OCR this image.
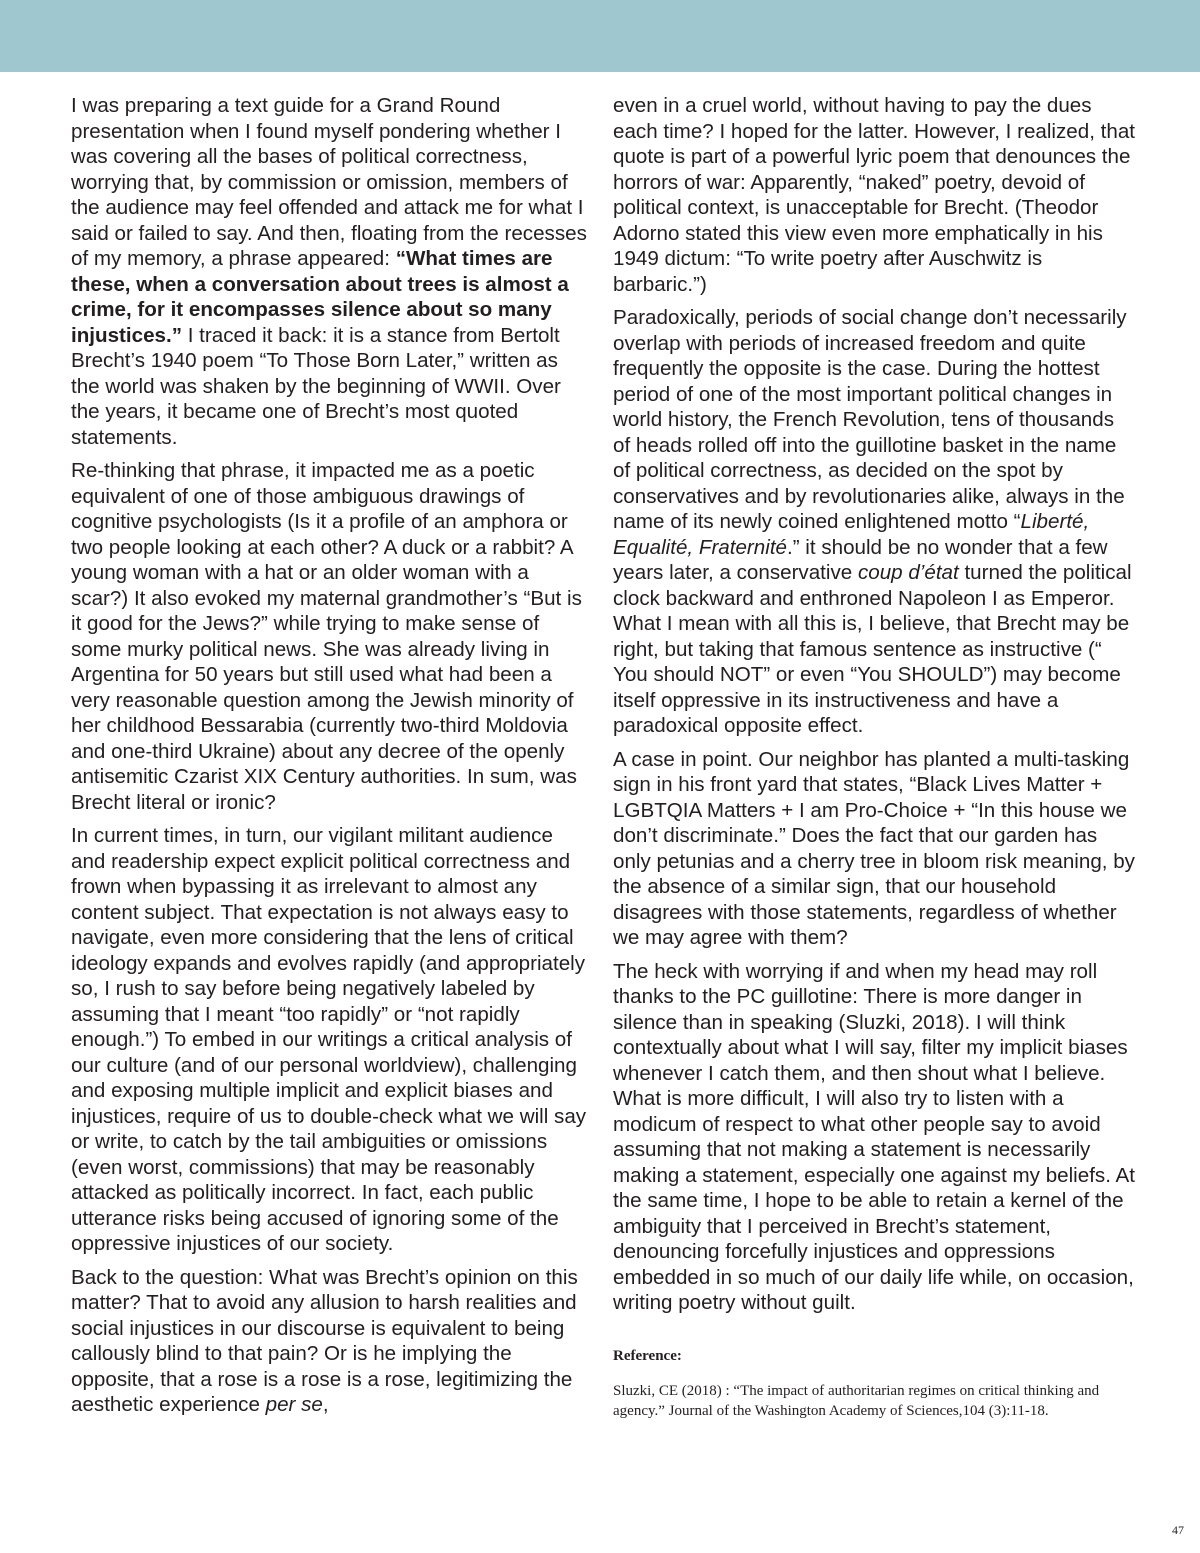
I was preparing a text guide for a Grand Round presentation when I found myself pondering whether I was covering all the bases of political correctness, worrying that, by commission or omission, members of the audience may feel offended and attack me for what I said or failed to say. And then, floating from the recesses of my memory, a phrase appeared: “What times are these, when a conversation about trees is almost a crime, for it encompasses silence about so many injustices.” I traced it back: it is a stance from Bertolt Brecht’s 1940 poem “To Those Born Later,” written as the world was shaken by the beginning of WWII. Over the years, it became one of Brecht’s most quoted statements.

Re-thinking that phrase, it impacted me as a poetic equivalent of one of those ambiguous drawings of cognitive psychologists (Is it a profile of an amphora or two people looking at each other? A duck or a rabbit? A young woman with a hat or an older woman with a scar?) It also evoked my maternal grandmother’s “But is it good for the Jews?” while trying to make sense of some murky political news. She was already living in Argentina for 50 years but still used what had been a very reasonable question among the Jewish minority of her childhood Bessarabia (currently two-third Moldovia and one-third Ukraine) about any decree of the openly antisemitic Czarist XIX Century authorities. In sum, was Brecht literal or ironic?

In current times, in turn, our vigilant militant audience and readership expect explicit political correctness and frown when bypassing it as irrelevant to almost any content subject. That expectation is not always easy to navigate, even more considering that the lens of critical ideology expands and evolves rapidly (and appropriately so, I rush to say before being negatively labeled by assuming that I meant “too rapidly” or “not rapidly enough.”) To embed in our writings a critical analysis of our culture (and of our personal worldview), challenging and exposing multiple implicit and explicit biases and injustices, require of us to double-check what we will say or write, to catch by the tail ambiguities or omissions (even worst, commissions) that may be reasonably attacked as politically incorrect. In fact, each public utterance risks being accused of ignoring some of the oppressive injustices of our society.

Back to the question: What was Brecht’s opinion on this matter? That to avoid any allusion to harsh realities and social injustices in our discourse is equivalent to being callously blind to that pain? Or is he implying the opposite, that a rose is a rose is a rose, legitimizing the aesthetic experience per se,

even in a cruel world, without having to pay the dues each time? I hoped for the latter. However, I realized, that quote is part of a powerful lyric poem that denounces the horrors of war: Apparently, “naked” poetry, devoid of political context, is unacceptable for Brecht. (Theodor Adorno stated this view even more emphatically in his 1949 dictum: “To write poetry after Auschwitz is barbaric.”)

Paradoxically, periods of social change don’t necessarily overlap with periods of increased freedom and quite frequently the opposite is the case. During the hottest period of one of the most important political changes in world history, the French Revolution, tens of thousands of heads rolled off into the guillotine basket in the name of political correctness, as decided on the spot by conservatives and by revolutionaries alike, always in the name of its newly coined enlightened motto “Liberté, Equalité, Fraternité.” it should be no wonder that a few years later, a conservative coup d’état turned the political clock backward and enthroned Napoleon I as Emperor. What I mean with all this is, I believe, that Brecht may be right, but taking that famous sentence as instructive (“ You should NOT” or even “You SHOULD”) may become itself oppressive in its instructiveness and have a paradoxical opposite effect.

A case in point. Our neighbor has planted a multi-tasking sign in his front yard that states, “Black Lives Matter + LGBTQIA Matters + I am Pro-Choice + “In this house we don’t discriminate.” Does the fact that our garden has only petunias and a cherry tree in bloom risk meaning, by the absence of a similar sign, that our household disagrees with those statements, regardless of whether we may agree with them?

The heck with worrying if and when my head may roll thanks to the PC guillotine: There is more danger in silence than in speaking (Sluzki, 2018). I will think contextually about what I will say, filter my implicit biases whenever I catch them, and then shout what I believe. What is more difficult, I will also try to listen with a modicum of respect to what other people say to avoid assuming that not making a statement is necessarily making a statement, especially one against my beliefs. At the same time, I hope to be able to retain a kernel of the ambiguity that I perceived in Brecht’s statement, denouncing forcefully injustices and oppressions embedded in so much of our daily life while, on occasion, writing poetry without guilt.

Reference:

Sluzki, CE (2018) : “The impact of authoritarian regimes on critical thinking and agency.” Journal of the Washington Academy of Sciences,104 (3):11-18.

47
